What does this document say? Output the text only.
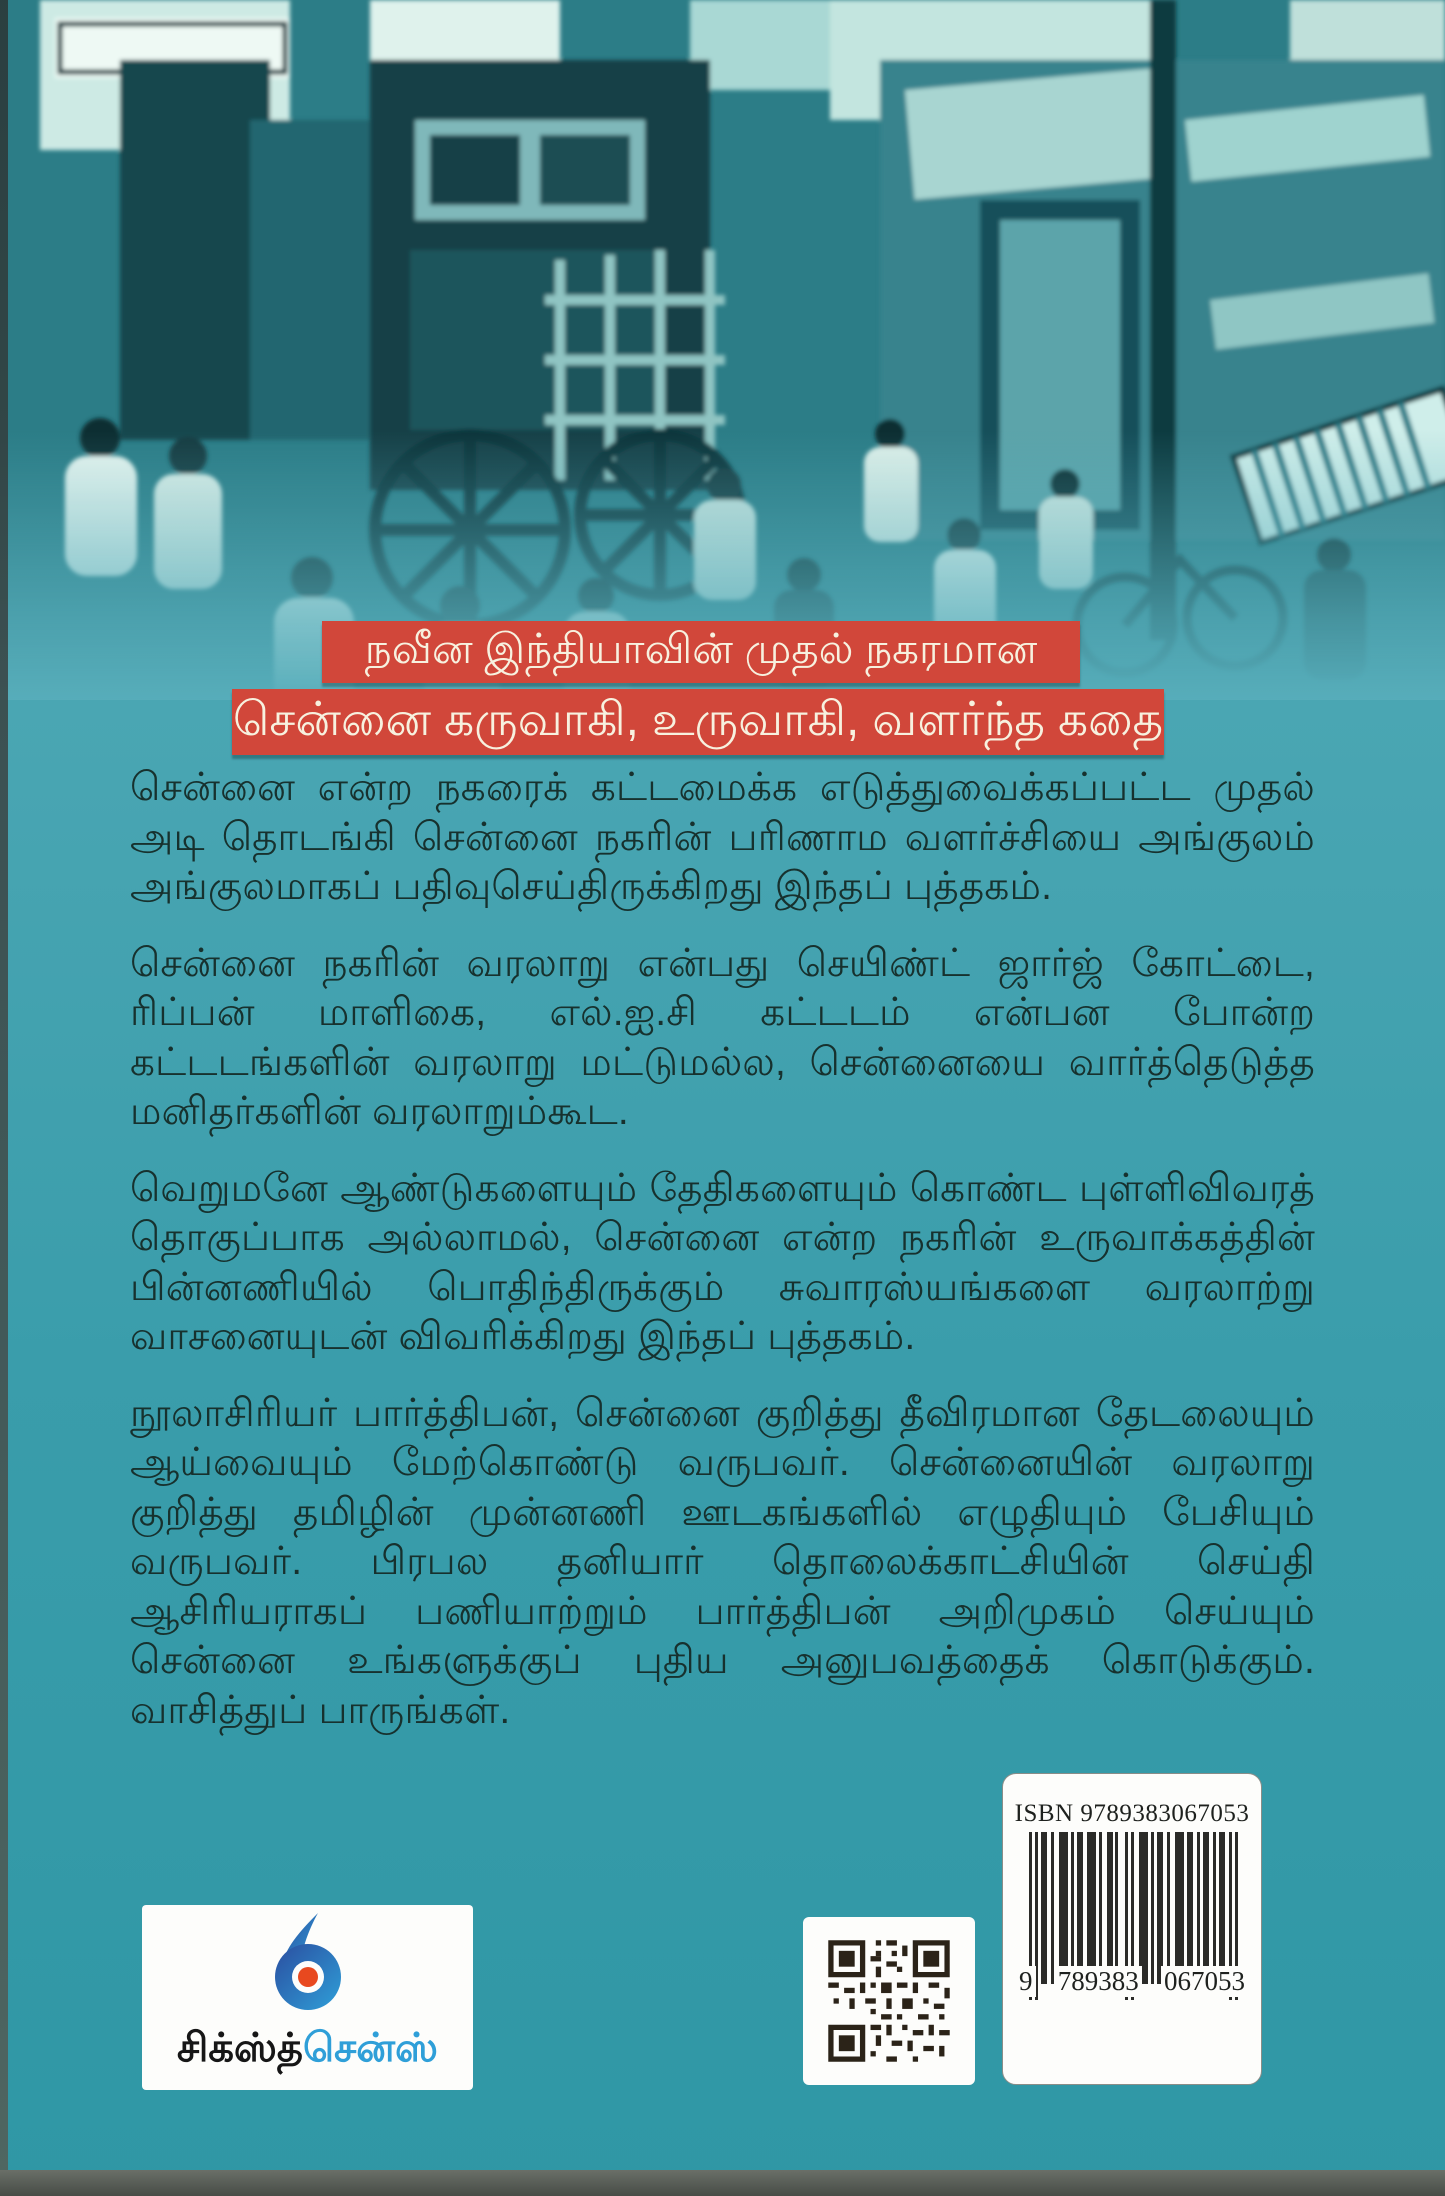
நவீன இந்தியாவின் முதல் நகரமான
சென்னை கருவாகி, உருவாகி, வளர்ந்த கதை

சென்னை என்ற நகரைக் கட்டமைக்க எடுத்துவைக்கப்பட்ட முதல் அடி தொடங்கி சென்னை நகரின் பரிணாம வளர்ச்சியை அங்குலம் அங்குலமாகப் பதிவுசெய்திருக்கிறது இந்தப் புத்தகம்.

சென்னை நகரின் வரலாறு என்பது செயிண்ட் ஜார்ஜ் கோட்டை, ரிப்பன் மாளிகை, எல்.ஐ.சி கட்டடம் என்பன போன்ற கட்டடங்களின் வரலாறு மட்டுமல்ல, சென்னையை வார்த்தெடுத்த மனிதர்களின் வரலாறும்கூட.

வெறுமனே ஆண்டுகளையும் தேதிகளையும் கொண்ட புள்ளிவிவரத் தொகுப்பாக அல்லாமல், சென்னை என்ற நகரின் உருவாக்கத்தின் பின்னணியில் பொதிந்திருக்கும் சுவாரஸ்யங்களை வரலாற்று வாசனையுடன் விவரிக்கிறது இந்தப் புத்தகம்.

நூலாசிரியர் பார்த்திபன், சென்னை குறித்து தீவிரமான தேடலையும் ஆய்வையும் மேற்கொண்டு வருபவர். சென்னையின் வரலாறு குறித்து தமிழின் முன்னணி ஊடகங்களில் எழுதியும் பேசியும் வருபவர். பிரபல தனியார் தொலைக்காட்சியின் செய்தி ஆசிரியராகப் பணியாற்றும் பார்த்திபன் அறிமுகம் செய்யும் சென்னை உங்களுக்குப் புதிய அனுபவத்தைக் கொடுக்கும். வாசித்துப் பாருங்கள்.

சிக்ஸ்த்சென்ஸ்
ISBN 9789383067053
9 789383 067053
